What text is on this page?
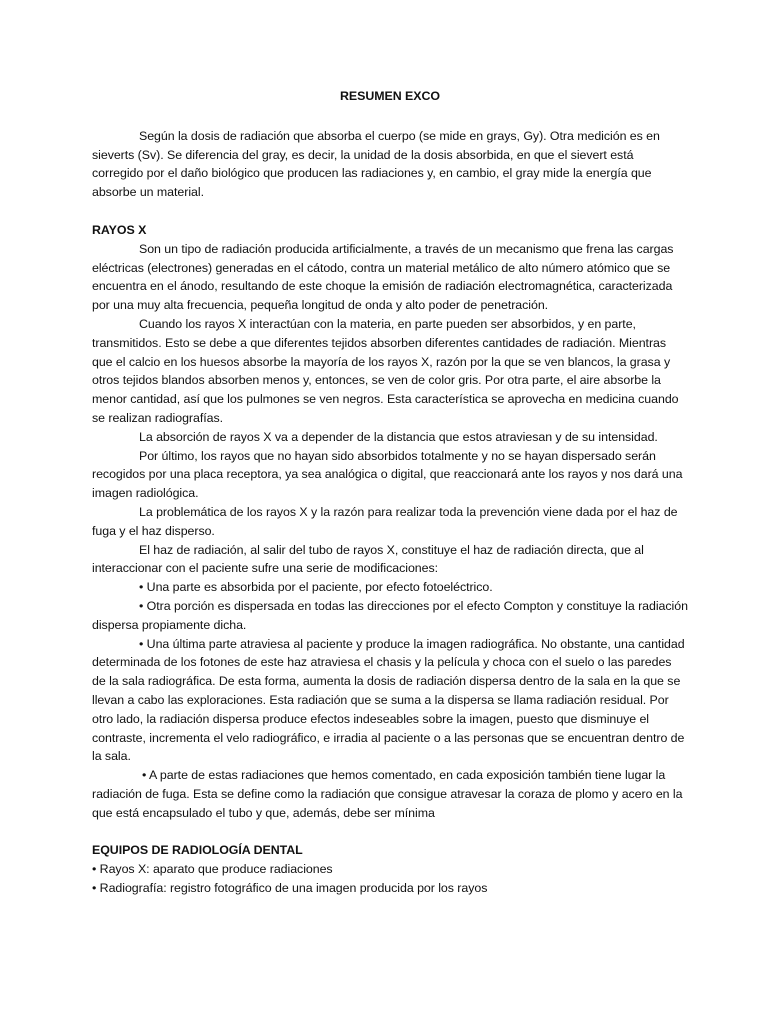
RESUMEN EXCO

Según la dosis de radiación que absorba el cuerpo (se mide en grays, Gy). Otra medición es en sieverts (Sv). Se diferencia del gray, es decir, la unidad de la dosis absorbida, en que el sievert está corregido por el daño biológico que producen las radiaciones y, en cambio, el gray mide la energía que absorbe un material.

RAYOS X

Son un tipo de radiación producida artificialmente, a través de un mecanismo que frena las cargas eléctricas (electrones) generadas en el cátodo, contra un material metálico de alto número atómico que se encuentra en el ánodo, resultando de este choque la emisión de radiación electromagnética, caracterizada por una muy alta frecuencia, pequeña longitud de onda y alto poder de penetración.

Cuando los rayos X interactúan con la materia, en parte pueden ser absorbidos, y en parte, transmitidos. Esto se debe a que diferentes tejidos absorben diferentes cantidades de radiación. Mientras que el calcio en los huesos absorbe la mayoría de los rayos X, razón por la que se ven blancos, la grasa y otros tejidos blandos absorben menos y, entonces, se ven de color gris. Por otra parte, el aire absorbe la menor cantidad, así que los pulmones se ven negros. Esta característica se aprovecha en medicina cuando se realizan radiografías.

La absorción de rayos X va a depender de la distancia que estos atraviesan y de su intensidad.

Por último, los rayos que no hayan sido absorbidos totalmente y no se hayan dispersado serán recogidos por una placa receptora, ya sea analógica o digital, que reaccionará ante los rayos y nos dará una imagen radiológica.

La problemática de los rayos X y la razón para realizar toda la prevención viene dada por el haz de fuga y el haz disperso.

El haz de radiación, al salir del tubo de rayos X, constituye el haz de radiación directa, que al interaccionar con el paciente sufre una serie de modificaciones:

• Una parte es absorbida por el paciente, por efecto fotoeléctrico.

• Otra porción es dispersada en todas las direcciones por el efecto Compton y constituye la radiación dispersa propiamente dicha.

• Una última parte atraviesa al paciente y produce la imagen radiográfica. No obstante, una cantidad determinada de los fotones de este haz atraviesa el chasis y la película y choca con el suelo o las paredes de la sala radiográfica. De esta forma, aumenta la dosis de radiación dispersa dentro de la sala en la que se llevan a cabo las exploraciones. Esta radiación que se suma a la dispersa se llama radiación residual. Por otro lado, la radiación dispersa produce efectos indeseables sobre la imagen, puesto que disminuye el contraste, incrementa el velo radiográfico, e irradia al paciente o a las personas que se encuentran dentro de la sala.

• A parte de estas radiaciones que hemos comentado, en cada exposición también tiene lugar la radiación de fuga. Esta se define como la radiación que consigue atravesar la coraza de plomo y acero en la que está encapsulado el tubo y que, además, debe ser mínima

EQUIPOS DE RADIOLOGÍA DENTAL

• Rayos X: aparato que produce radiaciones

• Radiografía: registro fotográfico de una imagen producida por los rayos
